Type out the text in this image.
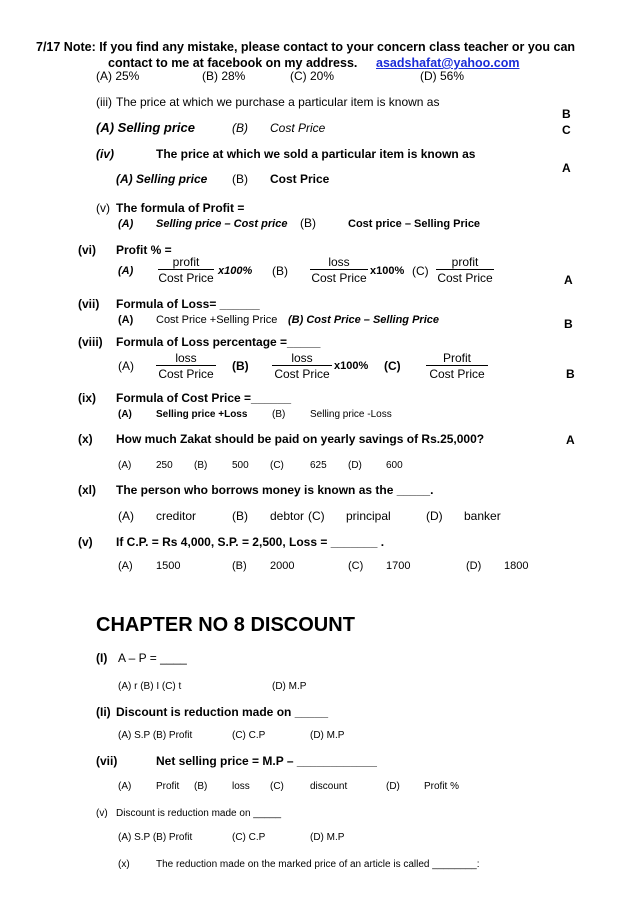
7/17 Note: If you find any mistake, please contact to your concern class teacher or you can
contact to me at facebook on my address. asadshafat@yahoo.com
(A) 25%	(B) 28%	(C) 20%	(D) 56%
(iii) The price at which we purchase a particular item is known as
(A) Selling price	(B) Cost Price
B
C
A
(iv)	The price at which we sold a particular item is known as
(A) Selling price (B) Cost Price
(v) The formula of Profit =
(A) Selling price – Cost price (B)	Cost price – Selling Price
(vi) Profit % =
(A)
profit
Cost Price x100% (B)
loss
Cost Price x100% (C)
profit
Cost Price	A
(vii) Formula of Loss= ______
(A) Cost Price +Selling Price (B) Cost Price – Selling Price	B
(viii) Formula of Loss percentage =_____
(A)
loss
Cost Price
(B)
loss
Cost Price
x100% (C)
Profit
Cost Price	B
(ix) Formula of Cost Price =______
(A) Selling price +Loss (B) Selling price -Loss
(x) How much Zakat should be paid on yearly savings of Rs.25,000?	A
(A) 250 (B) 500 (C)	625 (D) 600
(xl) The person who borrows money is known as the _____.
(A) creditor	(B) debtor (C) principal	(D) banker
(v) If C.P. = Rs 4,000, S.P. = 2,500, Loss = _______ .
(A) 1500	(B) 2000	(C) 1700	(D) 1800
CHAPTER NO 8 DISCOUNT
(I) A – P = ____
(A) r (B) I (C) t	(D) M.P
(Ii) Discount is reduction made on _____
(A) S.P (B) Profit	(C) C.P	(D) M.P
(vii)	Net selling price = M.P – ____________
(A) Profit (B) loss (C)	discount	(D) Profit %
(v) Discount is reduction made on _____
(A) S.P (B) Profit	(C) C.P	(D) M.P
(x)	The reduction made on the marked price of an article is called ________:
